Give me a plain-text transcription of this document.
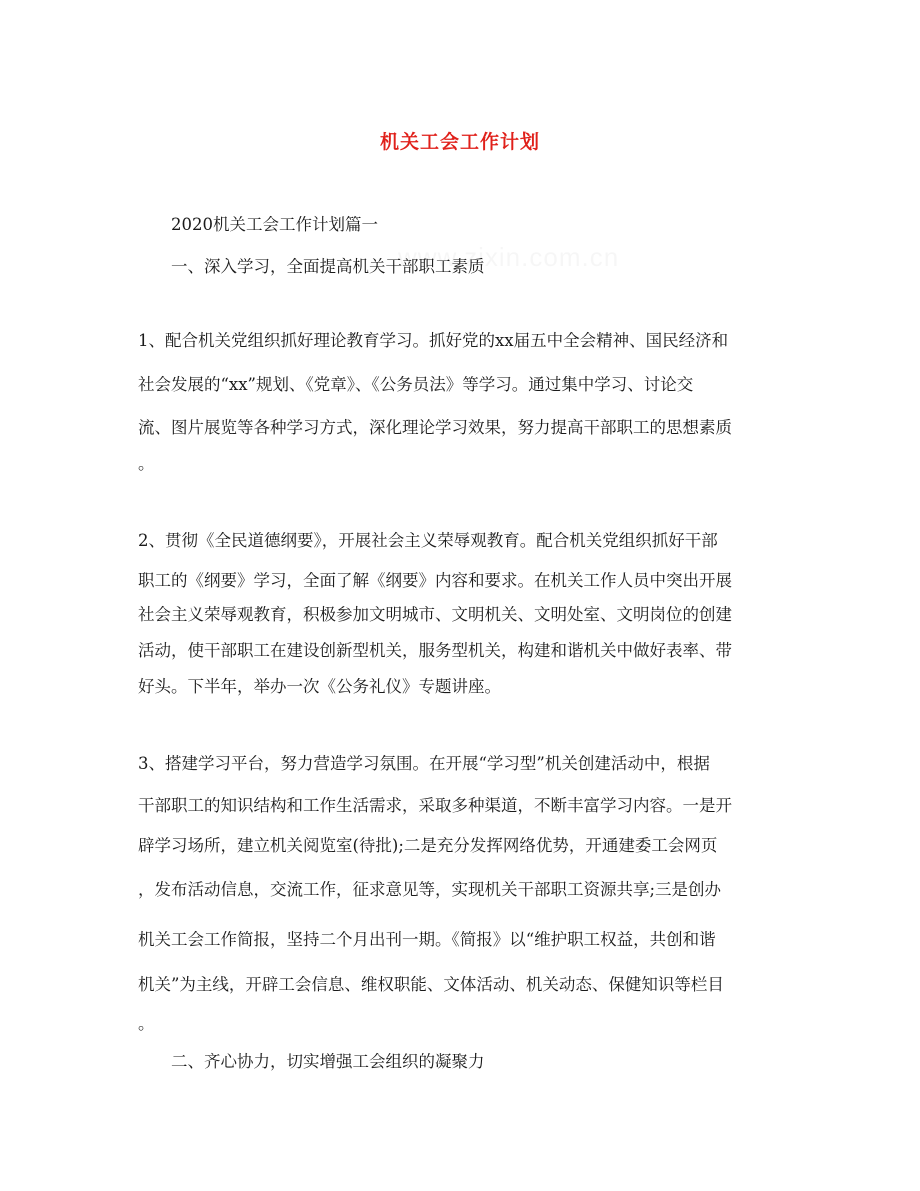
机关工会工作计划
2020机关工会工作计划篇一
一、深入学习，全面提高机关干部职工素质
1、配合机关党组织抓好理论教育学习。抓好党的xx届五中全会精神、国民经济和
社会发展的“xx”规划、《党章》、《公务员法》等学习。通过集中学习、讨论交
流、图片展览等各种学习方式，深化理论学习效果，努力提高干部职工的思想素质
。
2、贯彻《全民道德纲要》，开展社会主义荣辱观教育。配合机关党组织抓好干部
职工的《纲要》学习，全面了解《纲要》内容和要求。在机关工作人员中突出开展
社会主义荣辱观教育，积极参加文明城市、文明机关、文明处室、文明岗位的创建
活动，使干部职工在建设创新型机关，服务型机关，构建和谐机关中做好表率、带
好头。下半年，举办一次《公务礼仪》专题讲座。
3、搭建学习平台，努力营造学习氛围。在开展“学习型”机关创建活动中，根据
干部职工的知识结构和工作生活需求，采取多种渠道，不断丰富学习内容。一是开
辟学习场所，建立机关阅览室(待批);二是充分发挥网络优势，开通建委工会网页
，发布活动信息，交流工作，征求意见等，实现机关干部职工资源共享;三是创办
机关工会工作简报，坚持二个月出刊一期。《简报》以“维护职工权益，共创和谐
机关”为主线，开辟工会信息、维权职能、文体活动、机关动态、保健知识等栏目
。
二、齐心协力，切实增强工会组织的凝聚力
